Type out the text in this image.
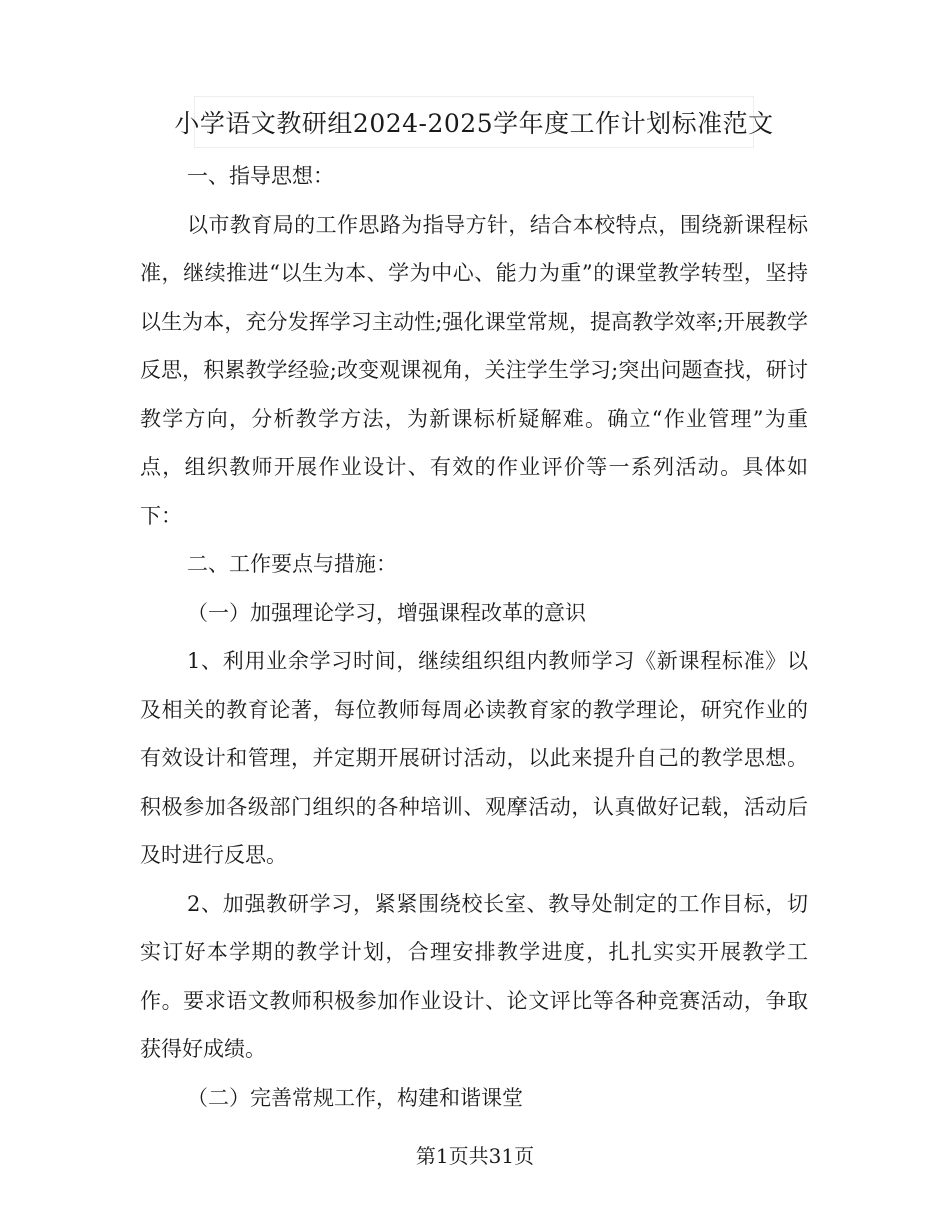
小学语文教研组2024-2025学年度工作计划标准范文

一、指导思想：

以市教育局的工作思路为指导方针，结合本校特点，围绕新课程标准，继续推进“以生为本、学为中心、能力为重”的课堂教学转型，坚持以生为本，充分发挥学习主动性;强化课堂常规，提高教学效率;开展教学反思，积累教学经验;改变观课视角，关注学生学习;突出问题查找，研讨教学方向，分析教学方法，为新课标析疑解难。确立“作业管理”为重点，组织教师开展作业设计、有效的作业评价等一系列活动。具体如下：

二、工作要点与措施：

（一）加强理论学习，增强课程改革的意识

1、利用业余学习时间，继续组织组内教师学习《新课程标准》以及相关的教育论著，每位教师每周必读教育家的教学理论，研究作业的有效设计和管理，并定期开展研讨活动，以此来提升自己的教学思想。积极参加各级部门组织的各种培训、观摩活动，认真做好记载，活动后及时进行反思。

2、加强教研学习，紧紧围绕校长室、教导处制定的工作目标，切实订好本学期的教学计划，合理安排教学进度，扎扎实实开展教学工作。要求语文教师积极参加作业设计、论文评比等各种竞赛活动，争取获得好成绩。

（二）完善常规工作，构建和谐课堂

第1页共31页
